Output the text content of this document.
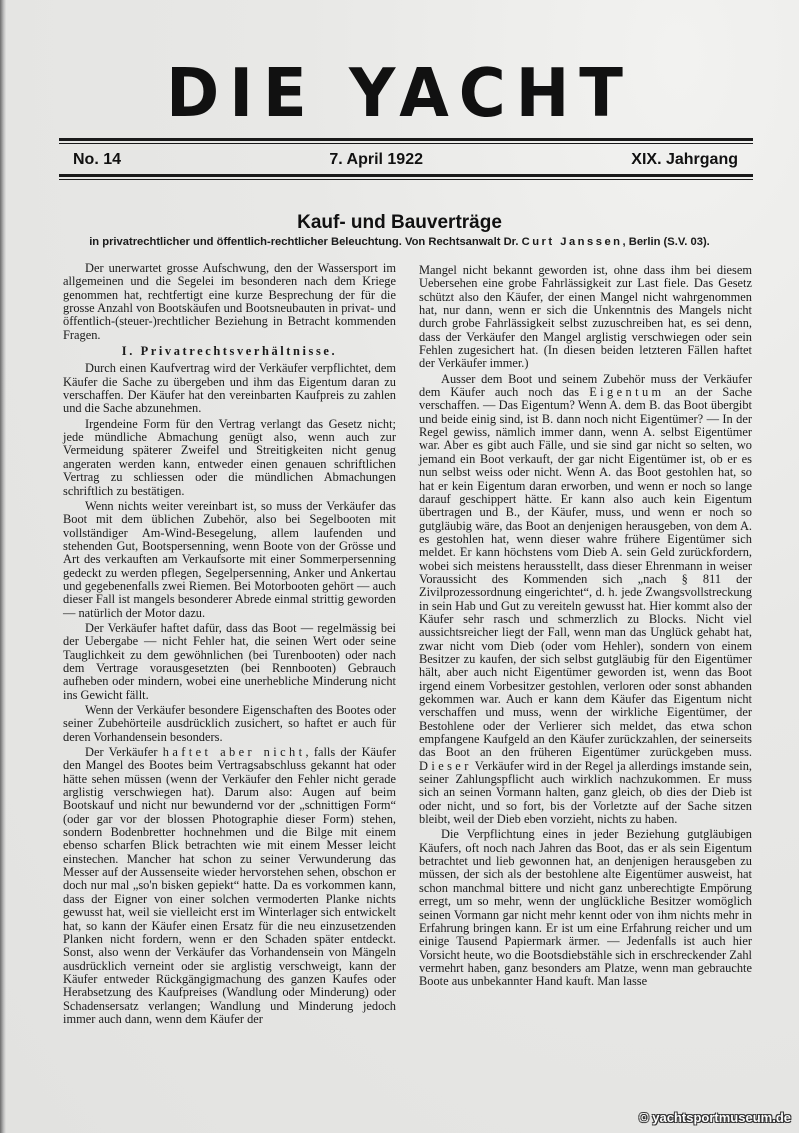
DIE YACHT
No. 14	7. April 1922	XIX. Jahrgang
Kauf- und Bauverträge
in privatrechtlicher und öffentlich-rechtlicher Beleuchtung. Von Rechtsanwalt Dr. Curt Janssen, Berlin (S.V. 03).

Der unerwartet grosse Aufschwung, den der Wassersport im allgemeinen und die Segelei im besonderen nach dem Kriege genommen hat, rechtfertigt eine kurze Besprechung der für die grosse Anzahl von Bootskäufen und Bootsneubauten in privat- und öffentlich-(steuer-)rechtlicher Beziehung in Betracht kommenden Fragen.

I. Privatrechtsverhältnisse.

Durch einen Kaufvertrag wird der Verkäufer verpflichtet, dem Käufer die Sache zu übergeben und ihm das Eigentum daran zu verschaffen. Der Käufer hat den vereinbarten Kaufpreis zu zahlen und die Sache abzunehmen.

Irgendeine Form für den Vertrag verlangt das Gesetz nicht; jede mündliche Abmachung genügt also, wenn auch zur Vermeidung späterer Zweifel und Streitigkeiten nicht genug angeraten werden kann, entweder einen genauen schriftlichen Vertrag zu schliessen oder die mündlichen Abmachungen schriftlich zu bestätigen.

Wenn nichts weiter vereinbart ist, so muss der Verkäufer das Boot mit dem üblichen Zubehör, also bei Segelbooten mit vollständiger Am-Wind-Besegelung, allem laufenden und stehenden Gut, Bootspersenning, wenn Boote von der Grösse und Art des verkauften am Verkaufsorte mit einer Sommerpersenning gedeckt zu werden pflegen, Segelpersenning, Anker und Ankertau und gegebenenfalls zwei Riemen. Bei Motorbooten gehört — auch dieser Fall ist mangels besonderer Abrede einmal strittig geworden — natürlich der Motor dazu.

Der Verkäufer haftet dafür, dass das Boot — regelmässig bei der Uebergabe — nicht Fehler hat, die seinen Wert oder seine Tauglichkeit zu dem gewöhnlichen (bei Turenbooten) oder nach dem Vertrage vorausgesetzten (bei Rennbooten) Gebrauch aufheben oder mindern, wobei eine unerhebliche Minderung nicht ins Gewicht fällt.

Wenn der Verkäufer besondere Eigenschaften des Bootes oder seiner Zubehörteile ausdrücklich zusichert, so haftet er auch für deren Vorhandensein besonders.

Der Verkäufer haftet aber nicht, falls der Käufer den Mangel des Bootes beim Vertragsabschluss gekannt hat oder hätte sehen müssen (wenn der Verkäufer den Fehler nicht gerade arglistig verschwiegen hat). Darum also: Augen auf beim Bootskauf und nicht nur bewundernd vor der „schnittigen Form“ (oder gar vor der blossen Photographie dieser Form) stehen, sondern Bodenbretter hochnehmen und die Bilge mit einem ebenso scharfen Blick betrachten wie mit einem Messer leicht einstechen. Mancher hat schon zu seiner Verwunderung das Messer auf der Aussenseite wieder hervorstehen sehen, obschon er doch nur mal „so'n bisken gepiekt“ hatte. Da es vorkommen kann, dass der Eigner von einer solchen vermoderten Planke nichts gewusst hat, weil sie vielleicht erst im Winterlager sich entwickelt hat, so kann der Käufer einen Ersatz für die neu einzusetzenden Planken nicht fordern, wenn er den Schaden später entdeckt. Sonst, also wenn der Verkäufer das Vorhandensein von Mängeln ausdrücklich verneint oder sie arglistig verschweigt, kann der Käufer entweder Rückgängigmachung des ganzen Kaufes oder Herabsetzung des Kaufpreises (Wandlung oder Minderung) oder Schadensersatz verlangen; Wandlung und Minderung jedoch immer auch dann, wenn dem Käufer der

Mangel nicht bekannt geworden ist, ohne dass ihm bei diesem Uebersehen eine grobe Fahrlässigkeit zur Last fiele. Das Gesetz schützt also den Käufer, der einen Mangel nicht wahrgenommen hat, nur dann, wenn er sich die Unkenntnis des Mangels nicht durch grobe Fahrlässigkeit selbst zuzuschreiben hat, es sei denn, dass der Verkäufer den Mangel arglistig verschwiegen oder sein Fehlen zugesichert hat. (In diesen beiden letzteren Fällen haftet der Verkäufer immer.)

Ausser dem Boot und seinem Zubehör muss der Verkäufer dem Käufer auch noch das Eigentum an der Sache verschaffen. — Das Eigentum? Wenn A. dem B. das Boot übergibt und beide einig sind, ist B. dann noch nicht Eigentümer? — In der Regel gewiss, nämlich immer dann, wenn A. selbst Eigentümer war. Aber es gibt auch Fälle, und sie sind gar nicht so selten, wo jemand ein Boot verkauft, der gar nicht Eigentümer ist, ob er es nun selbst weiss oder nicht. Wenn A. das Boot gestohlen hat, so hat er kein Eigentum daran erworben, und wenn er noch so lange darauf geschippert hätte. Er kann also auch kein Eigentum übertragen und B., der Käufer, muss, und wenn er noch so gutgläubig wäre, das Boot an denjenigen herausgeben, von dem A. es gestohlen hat, wenn dieser wahre frühere Eigentümer sich meldet. Er kann höchstens vom Dieb A. sein Geld zurückfordern, wobei sich meistens herausstellt, dass dieser Ehrenmann in weiser Voraussicht des Kommenden sich „nach § 811 der Zivilprozessordnung eingerichtet“, d. h. jede Zwangsvollstreckung in sein Hab und Gut zu vereiteln gewusst hat. Hier kommt also der Käufer sehr rasch und schmerzlich zu Blocks. Nicht viel aussichtsreicher liegt der Fall, wenn man das Unglück gehabt hat, zwar nicht vom Dieb (oder vom Hehler), sondern von einem Besitzer zu kaufen, der sich selbst gutgläubig für den Eigentümer hält, aber auch nicht Eigentümer geworden ist, wenn das Boot irgend einem Vorbesitzer gestohlen, verloren oder sonst abhanden gekommen war. Auch er kann dem Käufer das Eigentum nicht verschaffen und muss, wenn der wirkliche Eigentümer, der Bestohlene oder der Verlierer sich meldet, das etwa schon empfangene Kaufgeld an den Käufer zurückzahlen, der seinerseits das Boot an den früheren Eigentümer zurückgeben muss. Dieser Verkäufer wird in der Regel ja allerdings imstande sein, seiner Zahlungspflicht auch wirklich nachzukommen. Er muss sich an seinen Vormann halten, ganz gleich, ob dies der Dieb ist oder nicht, und so fort, bis der Vorletzte auf der Sache sitzen bleibt, weil der Dieb eben vorzieht, nichts zu haben.

Die Verpflichtung eines in jeder Beziehung gutgläubigen Käufers, oft noch nach Jahren das Boot, das er als sein Eigentum betrachtet und lieb gewonnen hat, an denjenigen herausgeben zu müssen, der sich als der bestohlene alte Eigentümer ausweist, hat schon manchmal bittere und nicht ganz unberechtigte Empörung erregt, um so mehr, wenn der unglückliche Besitzer womöglich seinen Vormann gar nicht mehr kennt oder von ihm nichts mehr in Erfahrung bringen kann. Er ist um eine Erfahrung reicher und um einige Tausend Papiermark ärmer. — Jedenfalls ist auch hier Vorsicht heute, wo die Bootsdiebstähle sich in erschreckender Zahl vermehrt haben, ganz besonders am Platze, wenn man gebrauchte Boote aus unbekannter Hand kauft. Man lasse

© yachtsportmuseum.de
